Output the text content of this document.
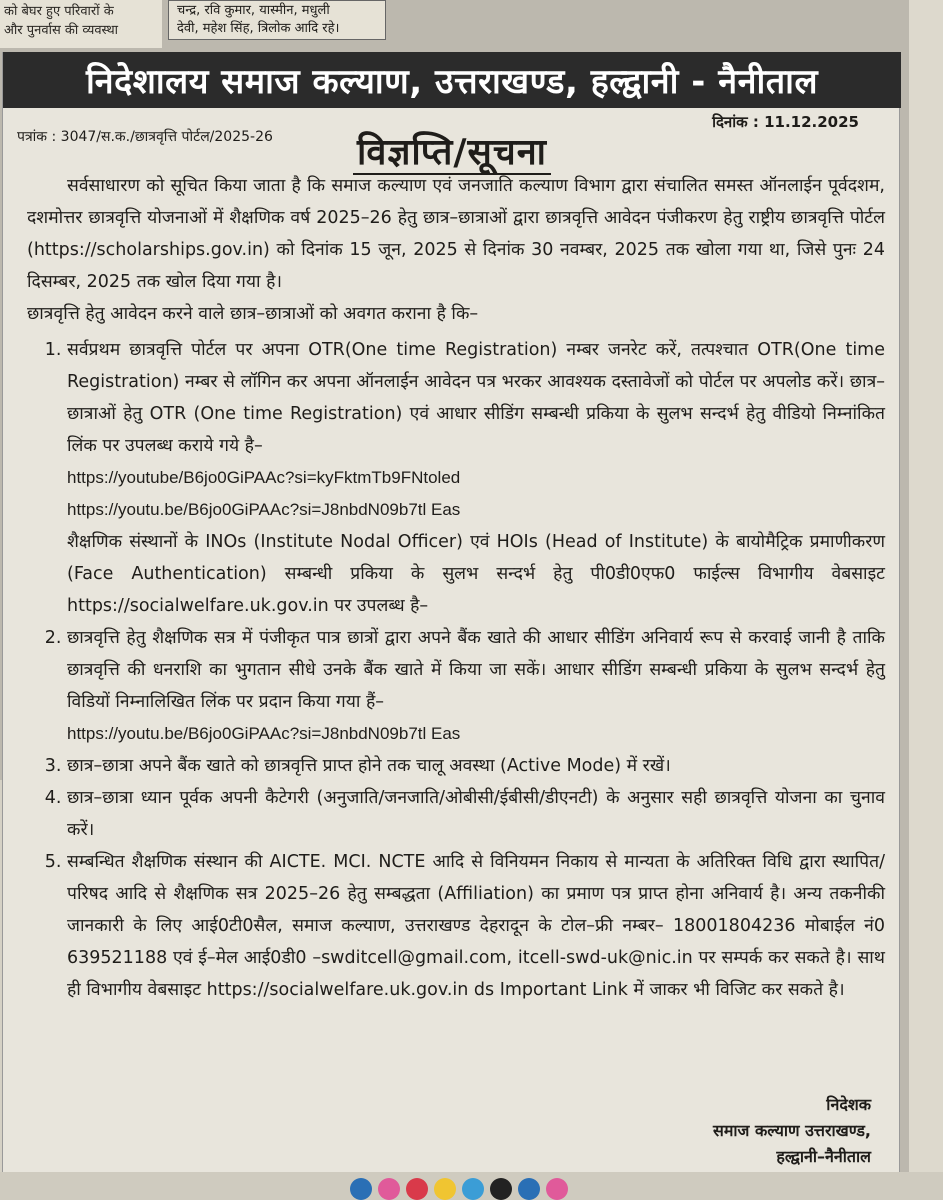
को बेघर हुए परिवारों के
और पुनर्वास की व्यवस्था
चन्द्र, रवि कुमार, यास्मीन, मधुली
देवी, महेश सिंह, त्रिलोक आदि रहे।
निदेशालय समाज कल्याण, उत्तराखण्ड, हल्द्वानी - नैनीताल
दिनांक : 11.12.2025
पत्रांक : 3047/स.क./छात्रवृत्ति पोर्टल/2025-26	विज्ञप्ति/सूचना

सर्वसाधारण को सूचित किया जाता है कि समाज कल्याण एवं जनजाति कल्याण विभाग द्वारा संचालित समस्त ऑनलाईन पूर्वदशम, दशमोत्तर छात्रवृत्ति योजनाओं में शैक्षणिक वर्ष 2025–26 हेतु छात्र–छात्राओं द्वारा छात्रवृत्ति आवेदन पंजीकरण हेतु राष्ट्रीय छात्रवृत्ति पोर्टल (https://scholarships.gov.in) को दिनांक 15 जून, 2025 से दिनांक 30 नवम्बर, 2025 तक खोला गया था, जिसे पुनः 24 दिसम्बर, 2025 तक खोल दिया गया है।

छात्रवृत्ति हेतु आवेदन करने वाले छात्र–छात्राओं को अवगत कराना है कि–

1. सर्वप्रथम छात्रवृत्ति पोर्टल पर अपना OTR(One time Registration) नम्बर जनरेट करें, तत्पश्चात OTR(One time Registration) नम्बर से लॉगिन कर अपना ऑनलाईन आवेदन पत्र भरकर आवश्यक दस्तावेजों को पोर्टल पर अपलोड करें। छात्र–छात्राओं हेतु OTR (One time Registration) एवं आधार सीडिंग सम्बन्धी प्रकिया के सुलभ सन्दर्भ हेतु वीडियो निम्नांकित लिंक पर उपलब्ध कराये गये है–

https://youtube/B6jo0GiPAAc?si=kyFktmTb9FNtoled
https://youtu.be/B6jo0GiPAAc?si=J8nbdN09b7tl Eas

शैक्षणिक संस्थानों के INOs (Institute Nodal Officer) एवं HOIs (Head of Institute) के बायोमैट्रिक प्रमाणीकरण (Face Authentication) सम्बन्धी प्रकिया के सुलभ सन्दर्भ हेतु पी0डी0एफ0 फाईल्स विभागीय वेबसाइट https://socialwelfare.uk.gov.in पर उपलब्ध है–

2. छात्रवृत्ति हेतु शैक्षणिक सत्र में पंजीकृत पात्र छात्रों द्वारा अपने बैंक खाते की आधार सीडिंग अनिवार्य रूप से करवाई जानी है ताकि छात्रवृत्ति की धनराशि का भुगतान सीधे उनके बैंक खाते में किया जा सकें। आधार सीडिंग सम्बन्धी प्रकिया के सुलभ सन्दर्भ हेतु विडियों निम्नालिखित लिंक पर प्रदान किया गया हैं–

https://youtu.be/B6jo0GiPAAc?si=J8nbdN09b7tl Eas

3. छात्र–छात्रा अपने बैंक खाते को छात्रवृत्ति प्राप्त होने तक चालू अवस्था (Active Mode) में रखें।

4. छात्र–छात्रा ध्यान पूर्वक अपनी कैटेगरी (अनुजाति/जनजाति/ओबीसी/ईबीसी/डीएनटी) के अनुसार सही छात्रवृत्ति योजना का चुनाव करें।

5. सम्बन्धित शैक्षणिक संस्थान की AICTE. MCI. NCTE आदि से विनियमन निकाय से मान्यता के अतिरिक्त विधि द्वारा स्थापित/परिषद आदि से शैक्षणिक सत्र 2025–26 हेतु सम्बद्धता (Affiliation) का प्रमाण पत्र प्राप्त होना अनिवार्य है। अन्य तकनीकी जानकारी के लिए आई0टी0सैल, समाज कल्याण, उत्तराखण्ड देहरादून के टोल–फ्री नम्बर– 18001804236 मोबाईल नं0 639521188 एवं ई–मेल आई0डी0 –swditcell@gmail.com, itcell-swd-uk@nic.in पर सम्पर्क कर सकते है। साथ ही विभागीय वेबसाइट https://socialwelfare.uk.gov.in ds Important Link में जाकर भी विजिट कर सकते है।

निदेशक
समाज कल्याण उत्तराखण्ड,
हल्द्वानी–नैनीताल
